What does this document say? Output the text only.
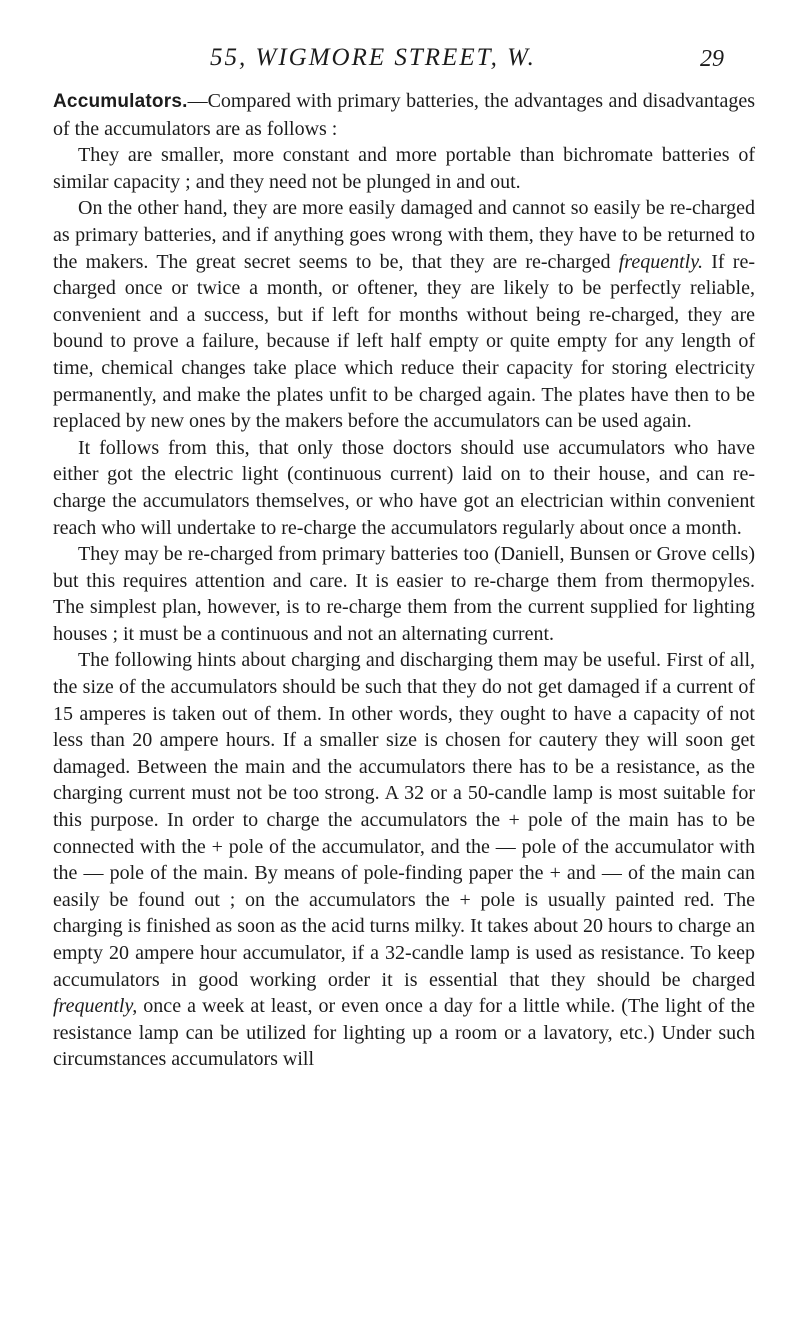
55, WIGMORE STREET, W.	29

Accumulators.—Compared with primary batteries, the advantages and disadvantages of the accumulators are as follows :

They are smaller, more constant and more portable than bichromate batteries of similar capacity ; and they need not be plunged in and out.

On the other hand, they are more easily damaged and cannot so easily be re-charged as primary batteries, and if anything goes wrong with them, they have to be returned to the makers. The great secret seems to be, that they are re-charged frequently. If re-charged once or twice a month, or oftener, they are likely to be perfectly reliable, convenient and a success, but if left for months without being re-charged, they are bound to prove a failure, because if left half empty or quite empty for any length of time, chemical changes take place which reduce their capacity for storing electricity permanently, and make the plates unfit to be charged again. The plates have then to be replaced by new ones by the makers before the accumulators can be used again.

It follows from this, that only those doctors should use accumulators who have either got the electric light (continuous current) laid on to their house, and can re-charge the accumulators themselves, or who have got an electrician within convenient reach who will undertake to re-charge the accumulators regularly about once a month.

They may be re-charged from primary batteries too (Daniell, Bunsen or Grove cells) but this requires attention and care. It is easier to re-charge them from thermopyles. The simplest plan, however, is to re-charge them from the current supplied for lighting houses ; it must be a continuous and not an alternating current.

The following hints about charging and discharging them may be useful. First of all, the size of the accumulators should be such that they do not get damaged if a current of 15 amperes is taken out of them. In other words, they ought to have a capacity of not less than 20 ampere hours. If a smaller size is chosen for cautery they will soon get damaged. Between the main and the accumulators there has to be a resistance, as the charging current must not be too strong. A 32 or a 50-candle lamp is most suitable for this purpose. In order to charge the accumulators the + pole of the main has to be connected with the + pole of the accumulator, and the — pole of the accumulator with the — pole of the main. By means of pole-finding paper the + and — of the main can easily be found out ; on the accumulators the + pole is usually painted red. The charging is finished as soon as the acid turns milky. It takes about 20 hours to charge an empty 20 ampere hour accumulator, if a 32-candle lamp is used as resistance. To keep accumulators in good working order it is essential that they should be charged frequently, once a week at least, or even once a day for a little while. (The light of the resistance lamp can be utilized for lighting up a room or a lavatory, etc.) Under such circumstances accumulators will
